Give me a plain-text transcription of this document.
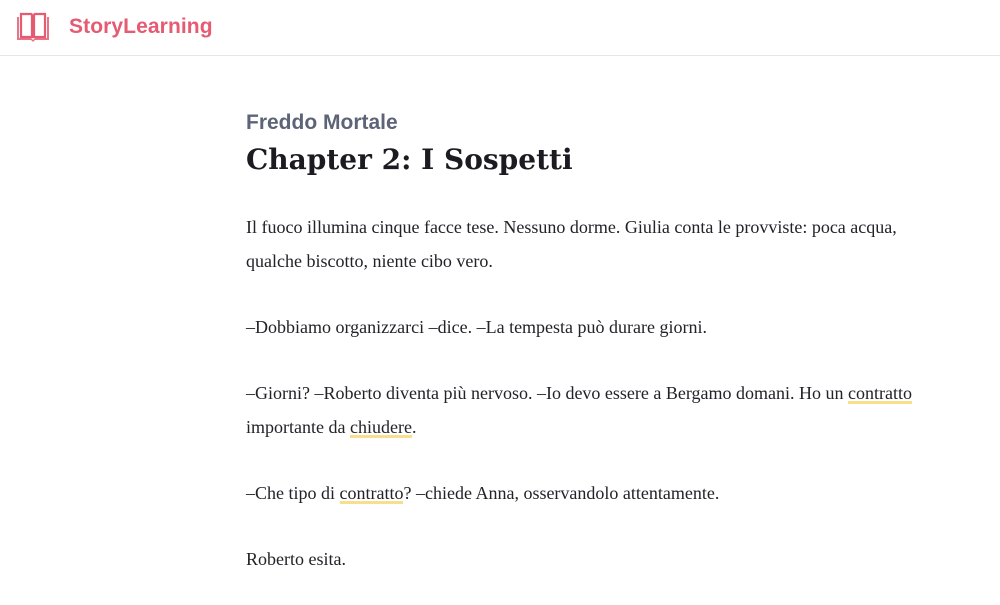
StoryLearning
Freddo Mortale
Chapter 2: I Sospetti

Il fuoco illumina cinque facce tese. Nessuno dorme. Giulia conta le provviste: poca acqua,
qualche biscotto, niente cibo vero.

–Dobbiamo organizzarci –dice. –La tempesta può durare giorni.

–Giorni? –Roberto diventa più nervoso. –Io devo essere a Bergamo domani. Ho un contratto
importante da chiudere.

–Che tipo di contratto? –chiede Anna, osservandolo attentamente.

Roberto esita.
